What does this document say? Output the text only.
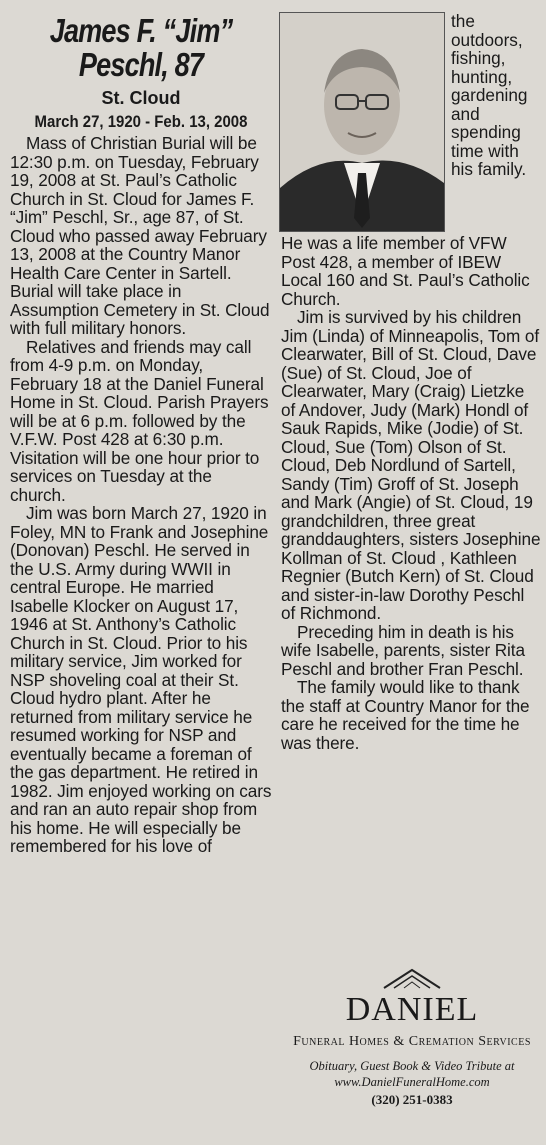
James F. “Jim”
Peschl, 87
St. Cloud
March 27, 1920 - Feb. 13, 2008

Mass of Christian Burial will be 12:30 p.m. on Tuesday, February 19, 2008 at St. Paul’s Catholic Church in St. Cloud for James F. “Jim” Peschl, Sr., age 87, of St. Cloud who passed away February 13, 2008 at the Country Manor Health Care Center in Sartell. Burial will take place in Assumption Cemetery in St. Cloud with full military honors.

Relatives and friends may call from 4-9 p.m. on Monday, February 18 at the Daniel Funeral Home in St. Cloud. Parish Prayers will be at 6 p.m. followed by the V.F.W. Post 428 at 6:30 p.m. Visitation will be one hour prior to services on Tuesday at the church.

Jim was born March 27, 1920 in Foley, MN to Frank and Josephine (Donovan) Peschl. He served in the U.S. Army during WWII in central Europe. He married Isabelle Klocker on August 17, 1946 at St. Anthony’s Catholic Church in St. Cloud. Prior to his military service, Jim worked for NSP shoveling coal at their St. Cloud hydro plant. After he returned from military service he resumed working for NSP and eventually became a foreman of the gas department. He retired in 1982. Jim enjoyed working on cars and ran an auto repair shop from his home. He will especially be remembered for his love of

the outdoors, fishing, hunting, gardening and spending time with his family.

He was a life member of VFW Post 428, a member of IBEW Local 160 and St. Paul’s Catholic Church.

Jim is survived by his children Jim (Linda) of Minneapolis, Tom of Clearwater, Bill of St. Cloud, Dave (Sue) of St. Cloud, Joe of Clearwater, Mary (Craig) Lietzke of Andover, Judy (Mark) Hondl of Sauk Rapids, Mike (Jodie) of St. Cloud, Sue (Tom) Olson of St. Cloud, Deb Nordlund of Sartell, Sandy (Tim) Groff of St. Joseph and Mark (Angie) of St. Cloud, 19 grandchildren, three great granddaughters, sisters Josephine Kollman of St. Cloud , Kathleen Regnier (Butch Kern) of St. Cloud and sister-in-law Dorothy Peschl of Richmond.

Preceding him in death is his wife Isabelle, parents, sister Rita Peschl and brother Fran Peschl.

The family would like to thank the staff at Country Manor for the care he received for the time he was there.

DANIEL
Funeral Homes & Cremation Services
Obituary, Guest Book & Video Tribute at
www.DanielFuneralHome.com
(320) 251-0383
